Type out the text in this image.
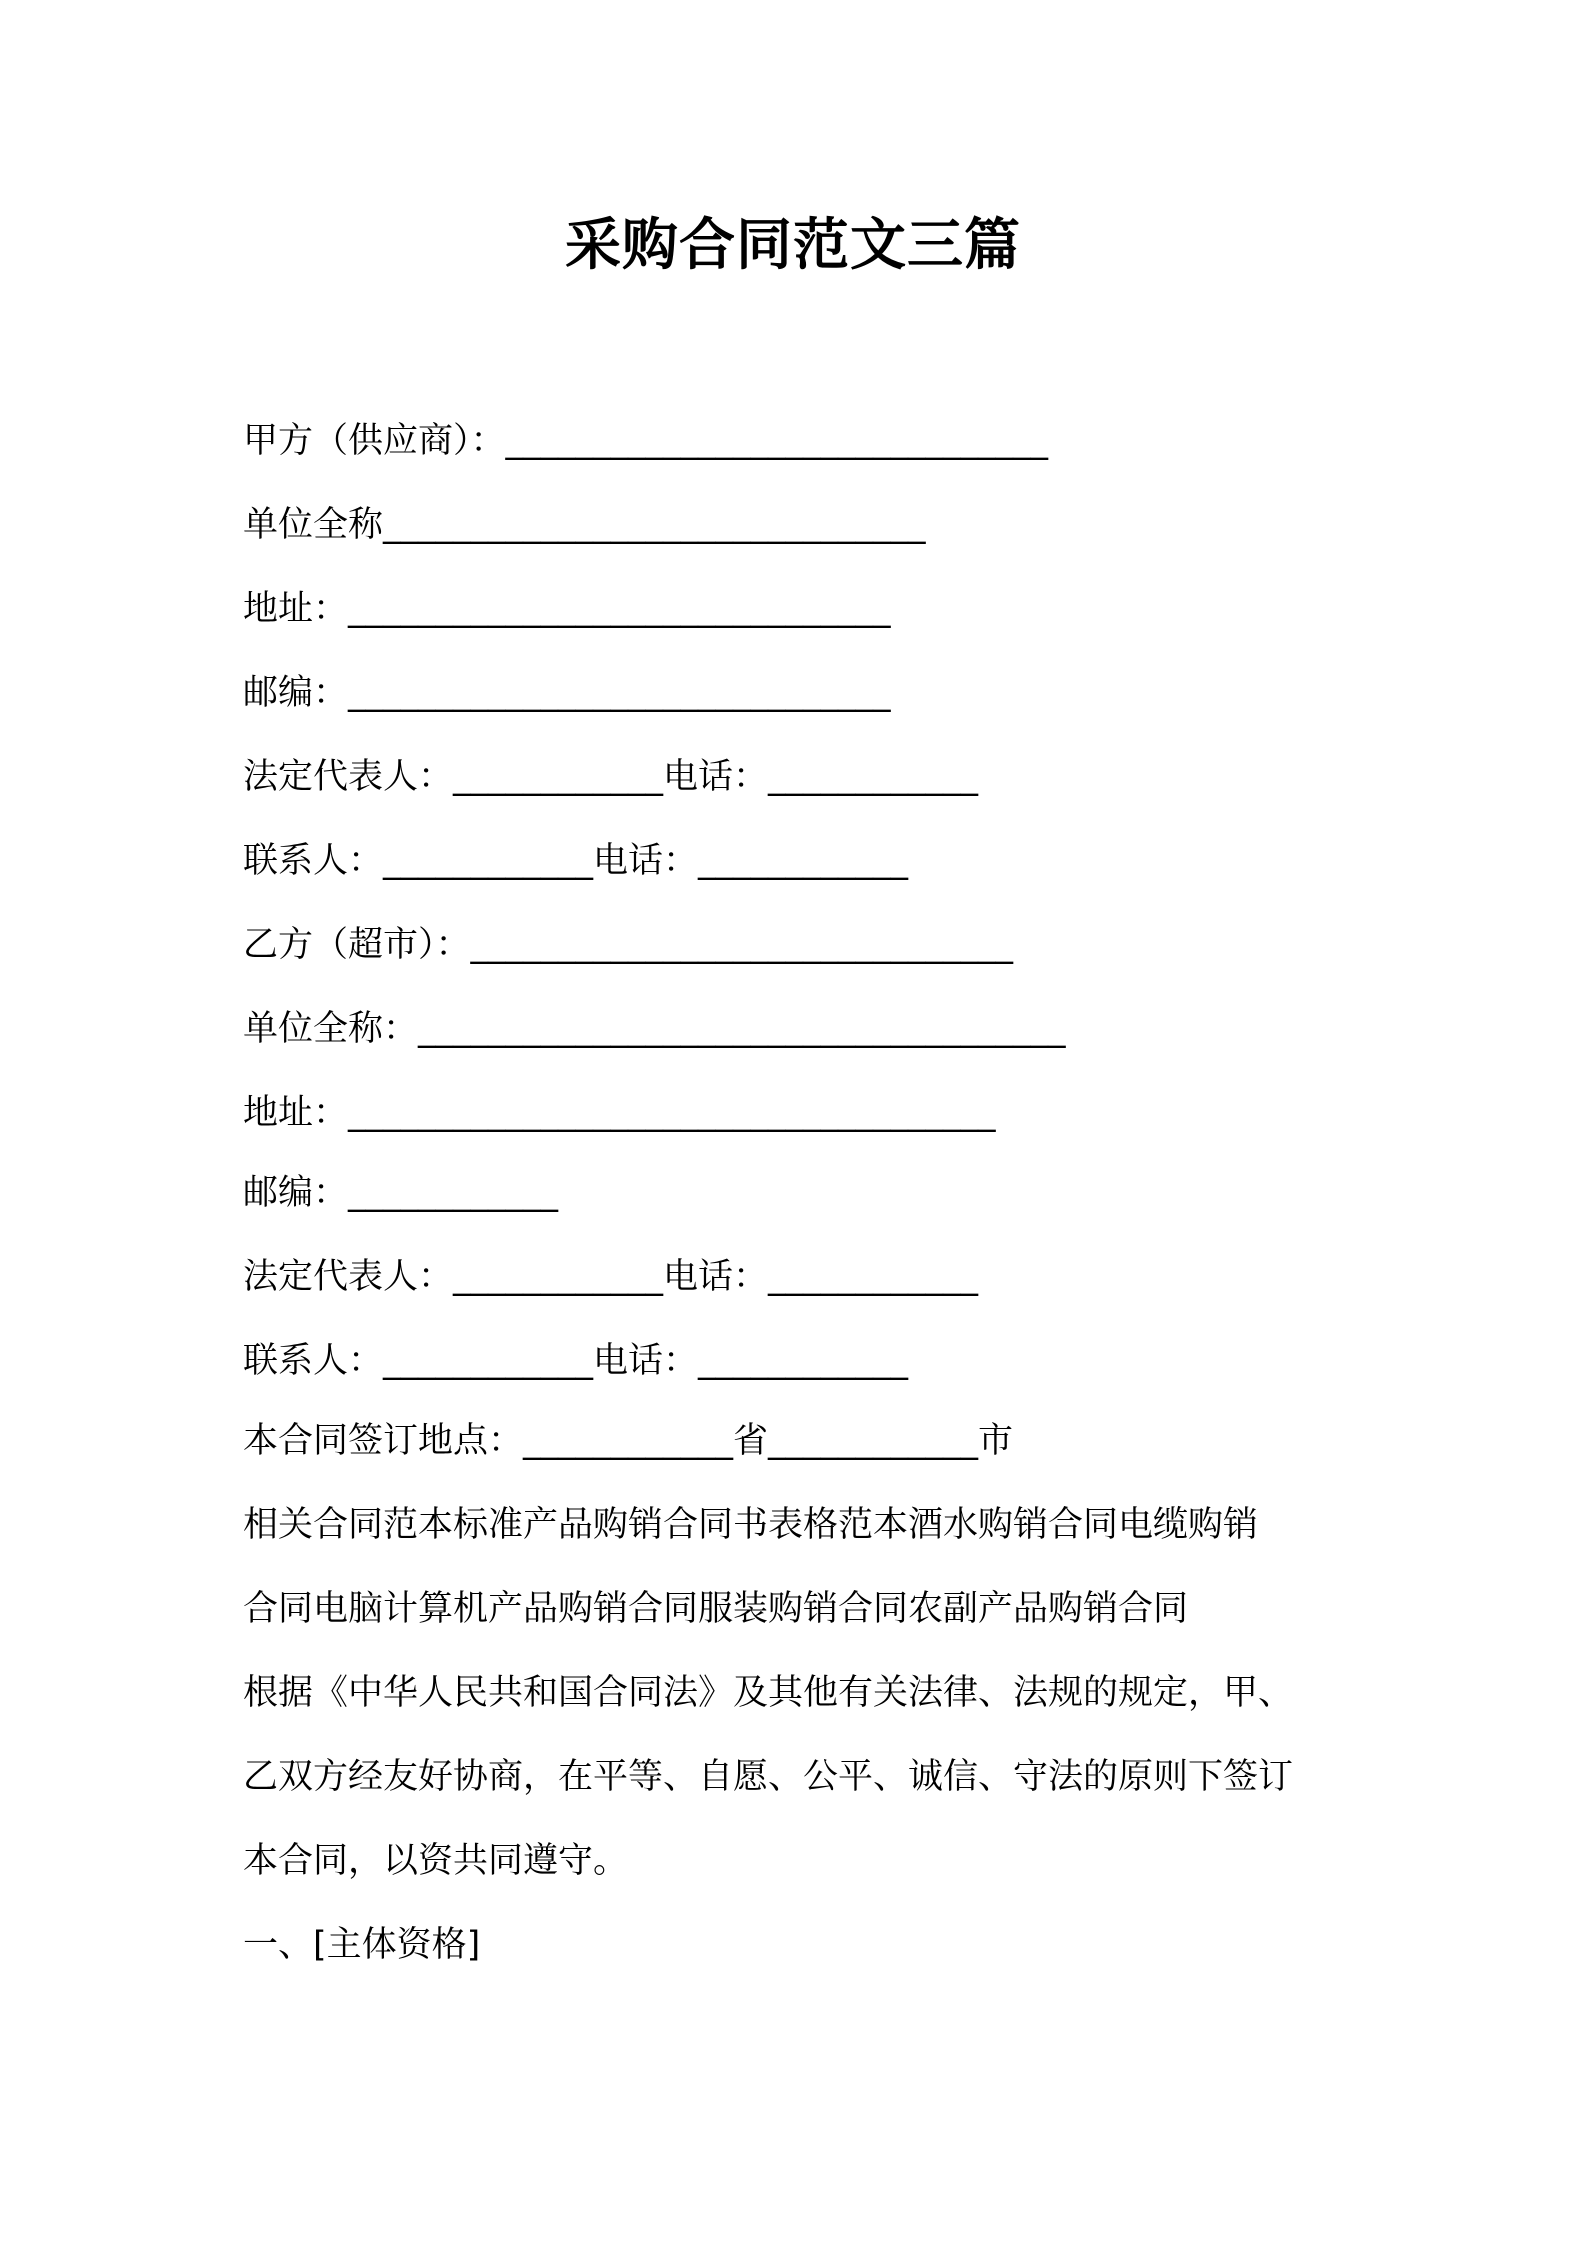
采购合同范文三篇
甲方（供应商）：_______________________________
单位全称_______________________________
地址：_______________________________
邮编：_______________________________
法定代表人：____________电话：____________
联系人：____________电话：____________
乙方（超市）：_______________________________
单位全称：_____________________________________
地址：_____________________________________
邮编：____________
法定代表人：____________电话：____________
联系人：____________电话：____________
本合同签订地点：____________省____________市
相关合同范本标准产品购销合同书表格范本酒水购销合同电缆购销
合同电脑计算机产品购销合同服装购销合同农副产品购销合同
根据《中华人民共和国合同法》及其他有关法律、法规的规定，甲、
乙双方经友好协商，在平等、自愿、公平、诚信、守法的原则下签订
本合同，以资共同遵守。
一、[主体资格]
